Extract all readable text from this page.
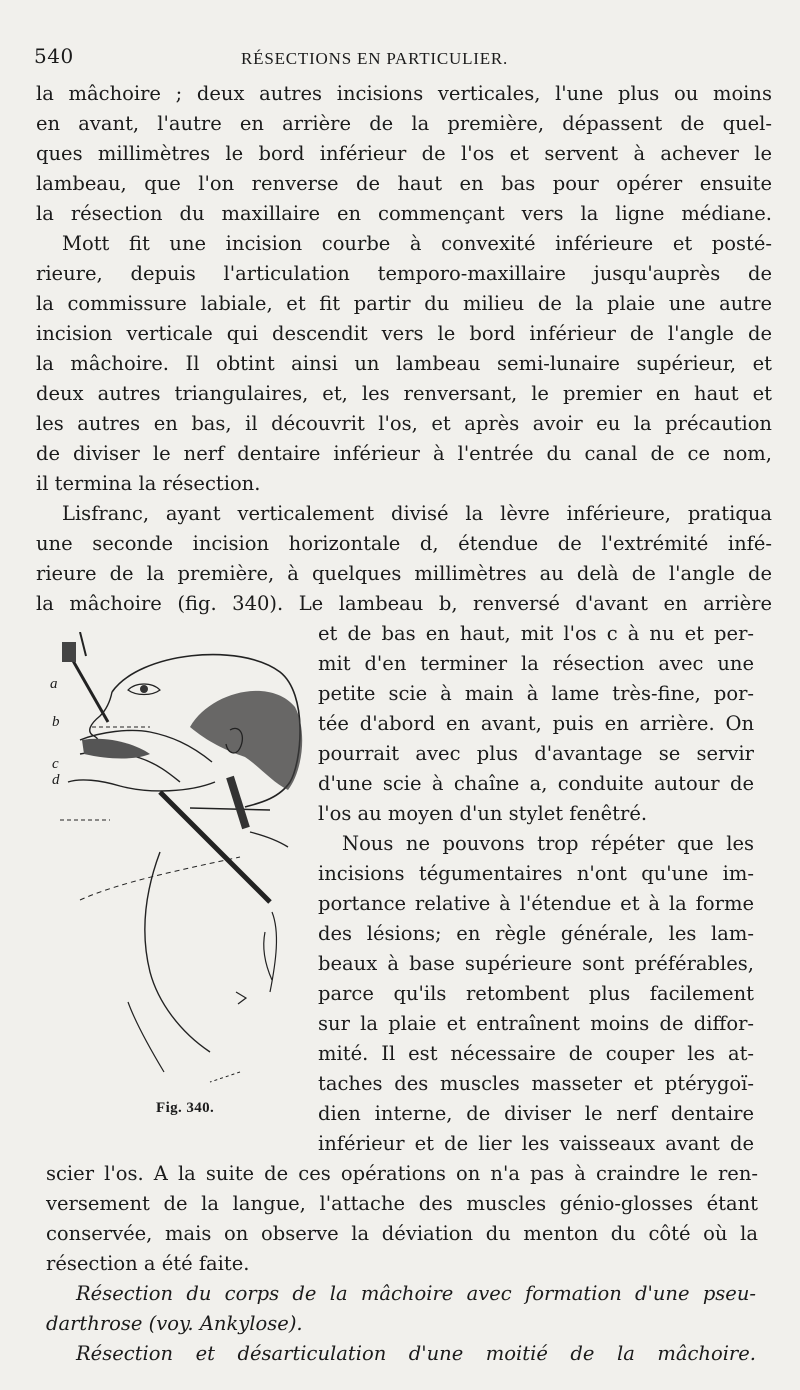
540	RÉSECTIONS EN PARTICULIER.
la mâchoire ; deux autres incisions verticales, l'une plus ou moins
en avant, l'autre en arrière de la première, dépassent de quel-
ques millimètres le bord inférieur de l'os et servent à achever le
lambeau, que l'on renverse de haut en bas pour opérer ensuite
la résection du maxillaire en commençant vers la ligne médiane.
Mott fit une incision courbe à convexité inférieure et posté-
rieure, depuis l'articulation temporo-maxillaire jusqu'auprès de
la commissure labiale, et fit partir du milieu de la plaie une autre
incision verticale qui descendit vers le bord inférieur de l'angle de
la mâchoire. Il obtint ainsi un lambeau semi-lunaire supérieur, et
deux autres triangulaires, et, les renversant, le premier en haut et
les autres en bas, il découvrit l'os, et après avoir eu la précaution
de diviser le nerf dentaire inférieur à l'entrée du canal de ce nom,
il termina la résection.
Lisfranc, ayant verticalement divisé la lèvre inférieure, pratiqua
une seconde incision horizontale d, étendue de l'extrémité infé-
rieure de la première, à quelques millimètres au delà de l'angle de
la mâchoire (fig. 340). Le lambeau b, renversé d'avant en arrière
et de bas en haut, mit l'os c à nu et per-
mit d'en terminer la résection avec une
petite scie à main à lame très-fine, por-
tée d'abord en avant, puis en arrière. On
pourrait avec plus d'avantage se servir
d'une scie à chaîne a, conduite autour de
l'os au moyen d'un stylet fenêtré.
Nous ne pouvons trop répéter que les
incisions tégumentaires n'ont qu'une im-
portance relative à l'étendue et à la forme
des lésions; en règle générale, les lam-
beaux à base supérieure sont préférables,
parce qu'ils retombent plus facilement
sur la plaie et entraînent moins de diffor-
mité. Il est nécessaire de couper les at-
taches des muscles masseter et ptérygoï-
dien interne, de diviser le nerf dentaire
inférieur et de lier les vaisseaux avant de
a
b
c
d
Fig. 340.
scier l'os. A la suite de ces opérations on n'a pas à craindre le ren-
versement de la langue, l'attache des muscles génio-glosses étant
conservée, mais on observe la déviation du menton du côté où la
résection a été faite.
Résection du corps de la mâchoire avec formation d'une pseu-
darthrose (voy. Ankylose).
Résection et désarticulation d'une moitié de la mâchoire.
